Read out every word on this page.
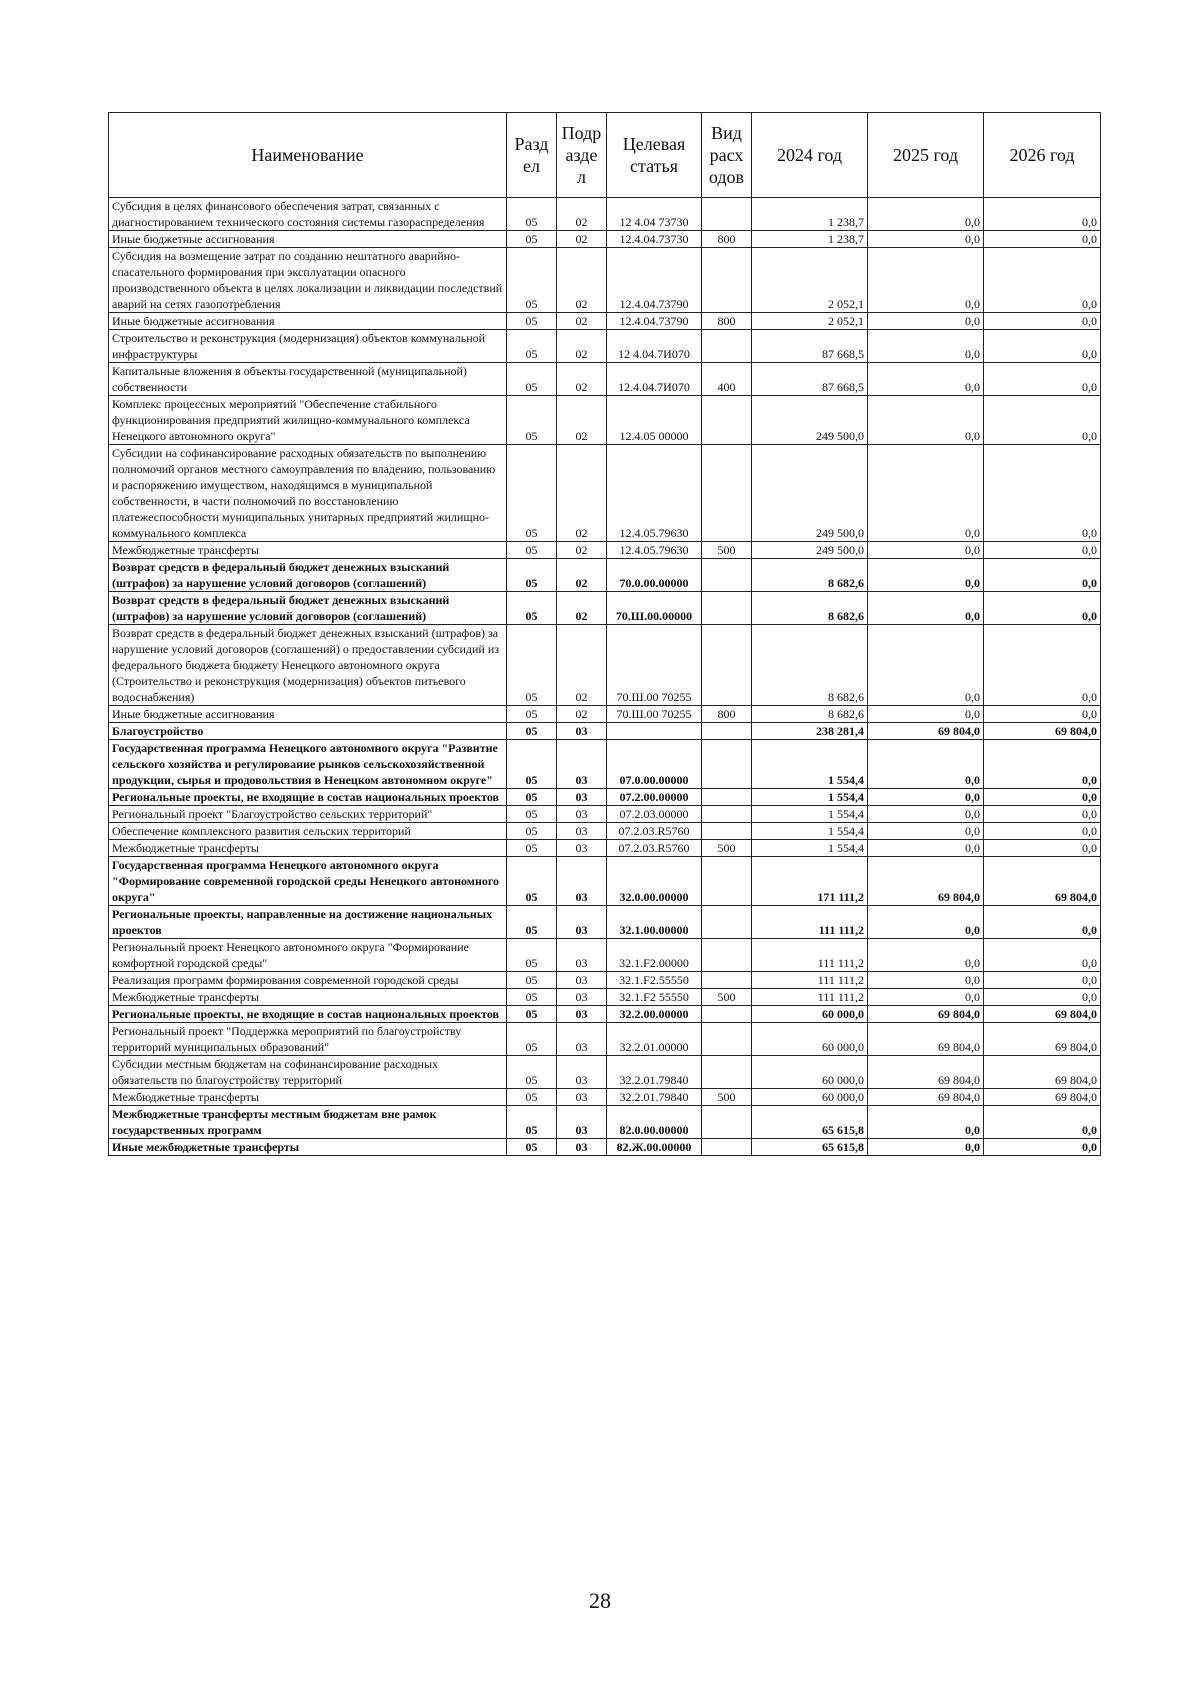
Наименование	Разд ел	Подр азде л	Целевая статья	Вид расх одов	2024 год	2025 год	2026 год
Субсидия в целях финансового обеспечения затрат, связанных с диагностированием технического состояния системы газораспределения	05	02	12 4.04 73730		1 238,7	0,0	0,0
Иные бюджетные ассигнования	05	02	12.4.04.73730	800	1 238,7	0,0	0,0
Субсидия на возмещение затрат по созданию нештатного аварийно-спасательного формирования при эксплуатации опасного производственного объекта в целях локализации и ликвидации последствий аварий на сетях газопотребления	05	02	12.4.04.73790		2 052,1	0,0	0,0
Иные бюджетные ассигнования	05	02	12.4.04.73790	800	2 052,1	0,0	0,0
Строительство и реконструкция (модернизация) объектов коммунальной инфраструктуры	05	02	12 4.04.7И070		87 668,5	0,0	0,0
Капитальные вложения в объекты государственной (муниципальной) собственности	05	02	12.4.04.7И070	400	87 668,5	0,0	0,0
Комплекс процессных мероприятий "Обеспечение стабильного функционирования предприятий жилищно-коммунального комплекса Ненецкого автономного округа"	05	02	12.4.05 00000		249 500,0	0,0	0,0
Субсидии на софинансирование расходных обязательств по выполнению полномочий органов местного самоуправления по владению, пользованию и распоряжению имуществом, находящимся в муниципальной собственности, в части полномочий по восстановлению платежеспособности муниципальных унитарных предприятий жилищно-коммунального комплекса	05	02	12.4.05.79630		249 500,0	0,0	0,0
Межбюджетные трансферты	05	02	12.4.05.79630	500	249 500,0	0,0	0,0
Возврат средств в федеральный бюджет денежных взысканий (штрафов) за нарушение условий договоров (соглашений)	05	02	70.0.00.00000		8 682,6	0,0	0,0
Возврат средств в федеральный бюджет денежных взысканий (штрафов) за нарушение условий договоров (соглашений)	05	02	70.Ш.00.00000		8 682,6	0,0	0,0
Возврат средств в федеральный бюджет денежных взысканий (штрафов) за нарушение условий договоров (соглашений) о предоставлении субсидий из федерального бюджета бюджету Ненецкого автономного округа (Строительство и реконструкция (модернизация) объектов питьевого водоснабжения)	05	02	70.Ш.00 70255		8 682,6	0,0	0,0
Иные бюджетные ассигнования	05	02	70.Ш.00 70255	800	8 682,6	0,0	0,0
Благоустройство	05	03			238 281,4	69 804,0	69 804,0
Государственная программа Ненецкого автономного округа "Развитие сельского хозяйства и регулирование рынков сельскохозяйственной продукции, сырья и продовольствия в Ненецком автономном округе"	05	03	07.0.00.00000		1 554,4	0,0	0,0
Региональные проекты, не входящие в состав национальных проектов	05	03	07.2.00.00000		1 554,4	0,0	0,0
Региональный проект "Благоустройство сельских территорий"	05	03	07.2.03.00000		1 554,4	0,0	0,0
Обеспечение комплексного развития сельских территорий	05	03	07.2.03.R5760		1 554,4	0,0	0,0
Межбюджетные трансферты	05	03	07.2.03.R5760	500	1 554,4	0,0	0,0
Государственная программа Ненецкого автономного округа "Формирование современной городской среды Ненецкого автономного округа"	05	03	32.0.00.00000		171 111,2	69 804,0	69 804,0
Региональные проекты, направленные на достижение национальных проектов	05	03	32.1.00.00000		111 111,2	0,0	0,0
Региональный проект Ненецкого автономного округа "Формирование комфортной городской среды"	05	03	32.1.F2.00000		111 111,2	0,0	0,0
Реализация программ формирования современной городской среды	05	03	32.1.F2.55550		111 111,2	0,0	0,0
Межбюджетные трансферты	05	03	32.1.F2 55550	500	111 111,2	0,0	0,0
Региональные проекты, не входящие в состав национальных проектов	05	03	32.2.00.00000		60 000,0	69 804,0	69 804,0
Региональный проект "Поддержка мероприятий по благоустройству территорий муниципальных образований"	05	03	32.2.01.00000		60 000,0	69 804,0	69 804,0
Субсидии местным бюджетам на софинансирование расходных обязательств по благоустройству территорий	05	03	32.2.01.79840		60 000,0	69 804,0	69 804,0
Межбюджетные трансферты	05	03	32.2.01.79840	500	60 000,0	69 804,0	69 804,0
Межбюджетные трансферты местным бюджетам вне рамок государственных программ	05	03	82.0.00.00000		65 615,8	0,0	0,0
Иные межбюджетные трансферты	05	03	82.Ж.00.00000		65 615,8	0,0	0,0
28
